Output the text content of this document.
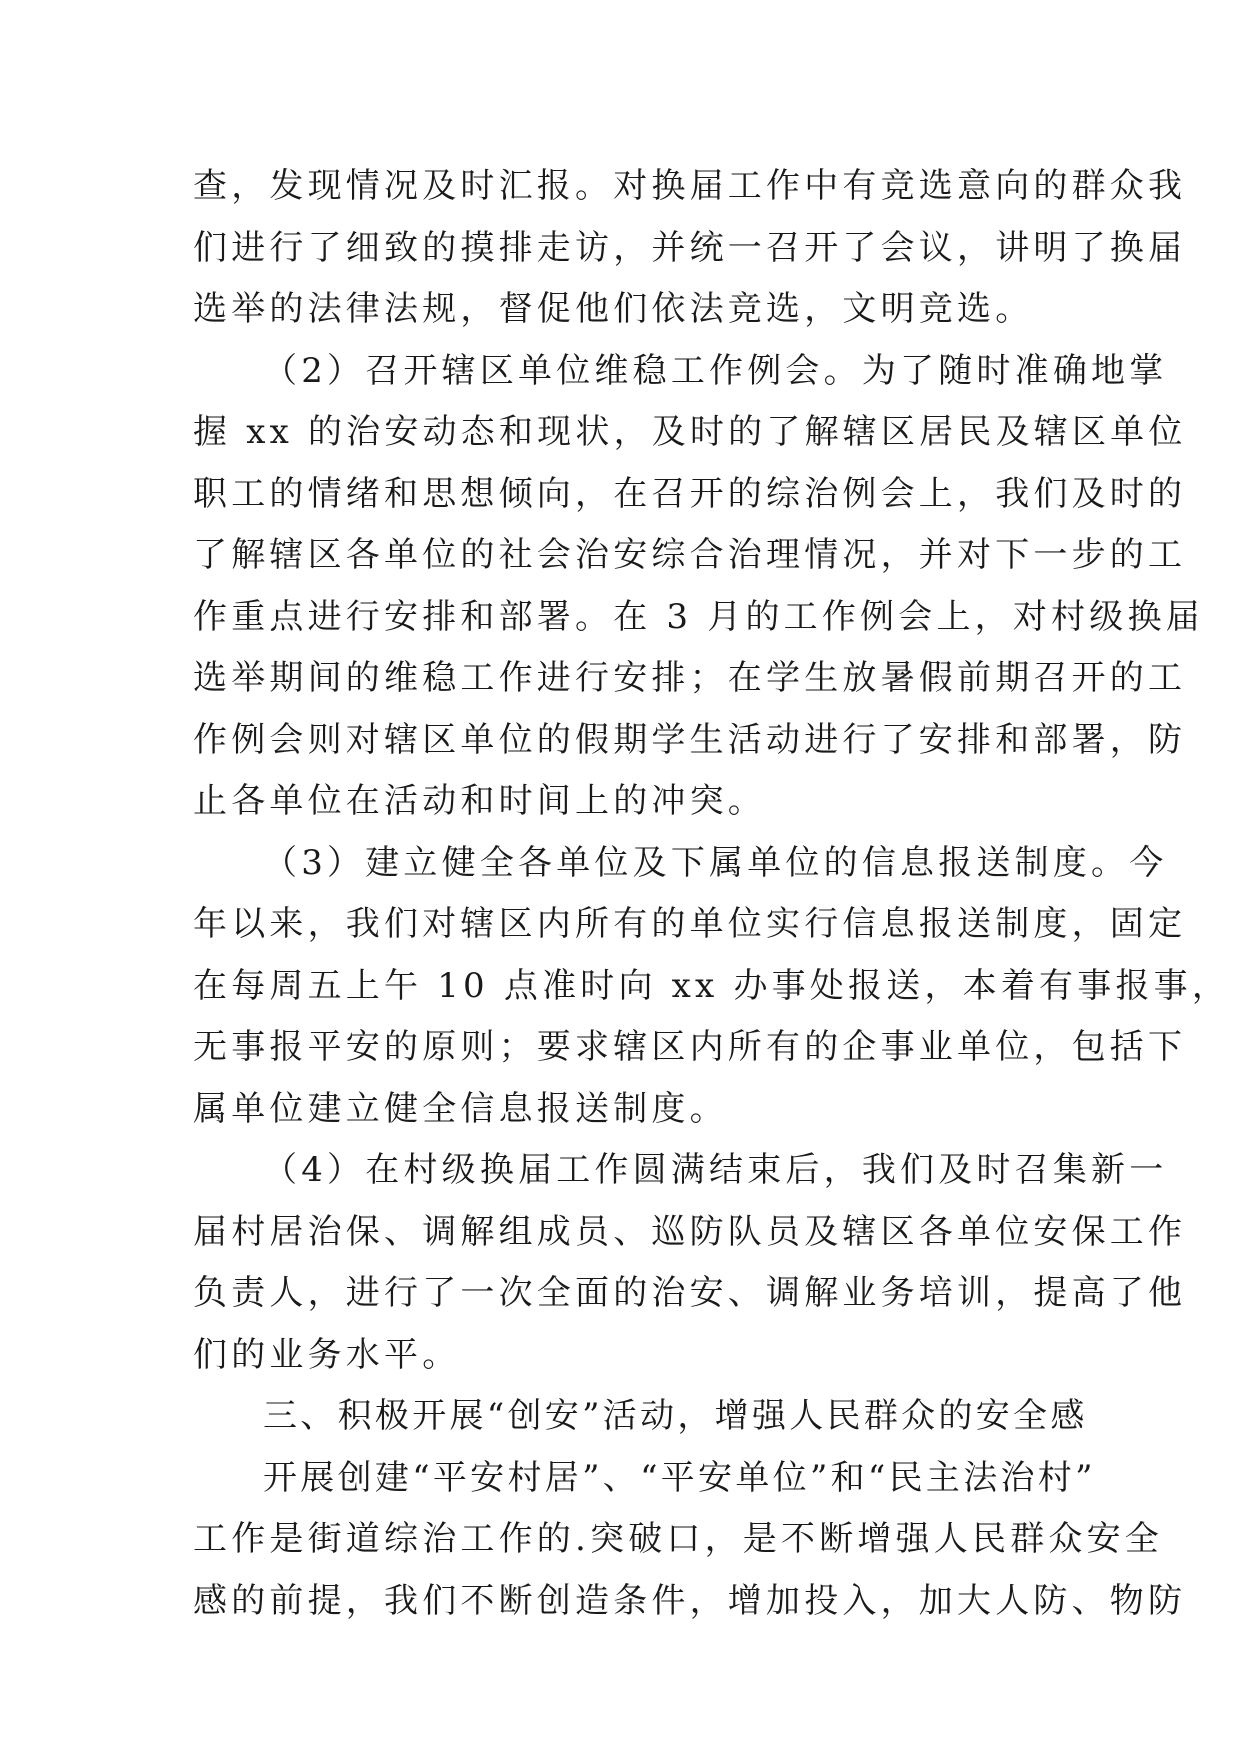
查，发现情况及时汇报。对换届工作中有竞选意向的群众我
们进行了细致的摸排走访，并统一召开了会议，讲明了换届
选举的法律法规，督促他们依法竞选，文明竞选。
（2）召开辖区单位维稳工作例会。为了随时准确地掌
握 xx 的治安动态和现状，及时的了解辖区居民及辖区单位
职工的情绪和思想倾向，在召开的综治例会上，我们及时的
了解辖区各单位的社会治安综合治理情况，并对下一步的工
作重点进行安排和部署。在 3 月的工作例会上，对村级换届
选举期间的维稳工作进行安排；在学生放暑假前期召开的工
作例会则对辖区单位的假期学生活动进行了安排和部署，防
止各单位在活动和时间上的冲突。
（3）建立健全各单位及下属单位的信息报送制度。今
年以来，我们对辖区内所有的单位实行信息报送制度，固定
在每周五上午 10 点准时向 xx 办事处报送，本着有事报事，
无事报平安的原则；要求辖区内所有的企事业单位，包括下
属单位建立健全信息报送制度。
（4）在村级换届工作圆满结束后，我们及时召集新一
届村居治保、调解组成员、巡防队员及辖区各单位安保工作
负责人，进行了一次全面的治安、调解业务培训，提高了他
们的业务水平。
三、积极开展“创安”活动，增强人民群众的安全感
开展创建“平安村居”、“平安单位”和“民主法治村”
工作是街道综治工作的.突破口，是不断增强人民群众安全
感的前提，我们不断创造条件，增加投入，加大人防、物防
